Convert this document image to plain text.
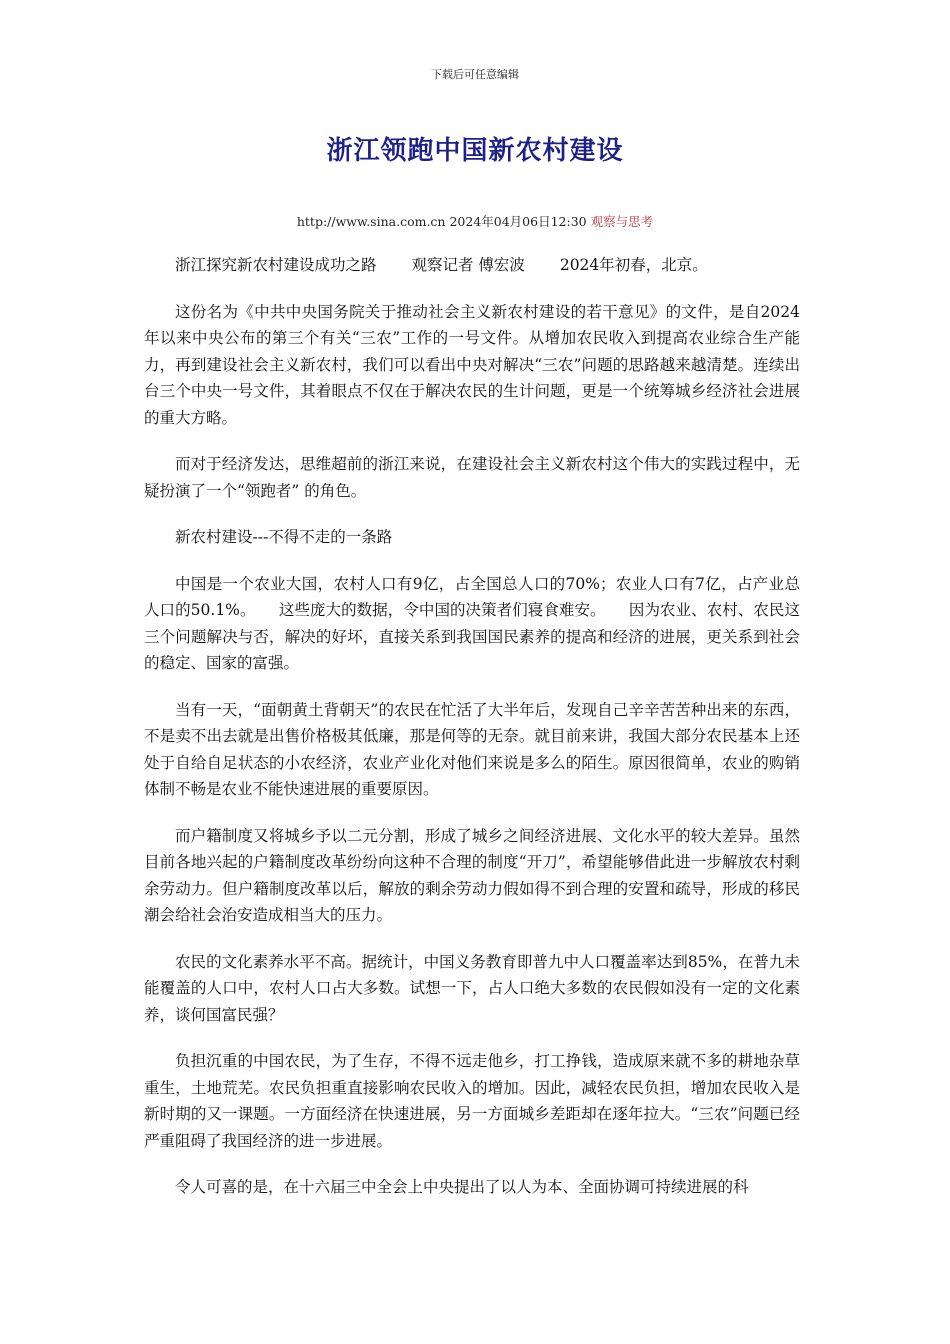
下载后可任意编辑
浙江领跑中国新农村建设
http://www.sina.com.cn 2024年04月06日12:30 观察与思考

浙江探究新农村建设成功之路 观察记者 傅宏波 2024年初春，北京。

这份名为《中共中央国务院关于推动社会主义新农村建设的若干意见》的文件，是自2024年以来中央公布的第三个有关“三农”工作的一号文件。从增加农民收入到提高农业综合生产能力，再到建设社会主义新农村，我们可以看出中央对解决“三农”问题的思路越来越清楚。连续出台三个中央一号文件，其着眼点不仅在于解决农民的生计问题，更是一个统筹城乡经济社会进展的重大方略。

而对于经济发达，思维超前的浙江来说，在建设社会主义新农村这个伟大的实践过程中，无疑扮演了一个“领跑者” 的角色。

新农村建设---不得不走的一条路

中国是一个农业大国，农村人口有9亿，占全国总人口的70%；农业人口有7亿，占产业总人口的50.1%。　　这些庞大的数据，令中国的决策者们寝食难安。　　因为农业、农村、农民这三个问题解决与否，解决的好坏，直接关系到我国国民素养的提高和经济的进展，更关系到社会的稳定、国家的富强。

当有一天，“面朝黄土背朝天”的农民在忙活了大半年后，发现自己辛辛苦苦种出来的东西，不是卖不出去就是出售价格极其低廉，那是何等的无奈。就目前来讲，我国大部分农民基本上还处于自给自足状态的小农经济，农业产业化对他们来说是多么的陌生。原因很简单，农业的购销体制不畅是农业不能快速进展的重要原因。

而户籍制度又将城乡予以二元分割，形成了城乡之间经济进展、文化水平的较大差异。虽然目前各地兴起的户籍制度改革纷纷向这种不合理的制度“开刀”，希望能够借此进一步解放农村剩余劳动力。但户籍制度改革以后，解放的剩余劳动力假如得不到合理的安置和疏导，形成的移民潮会给社会治安造成相当大的压力。

农民的文化素养水平不高。据统计，中国义务教育即普九中人口覆盖率达到85%，在普九未能覆盖的人口中，农村人口占大多数。试想一下，占人口绝大多数的农民假如没有一定的文化素养，谈何国富民强？

负担沉重的中国农民，为了生存，不得不远走他乡，打工挣钱，造成原来就不多的耕地杂草重生，土地荒芜。农民负担重直接影响农民收入的增加。因此，减轻农民负担，增加农民收入是新时期的又一课题。一方面经济在快速进展，另一方面城乡差距却在逐年拉大。“三农”问题已经严重阻碍了我国经济的进一步进展。

令人可喜的是，在十六届三中全会上中央提出了以人为本、全面协调可持续进展的科
